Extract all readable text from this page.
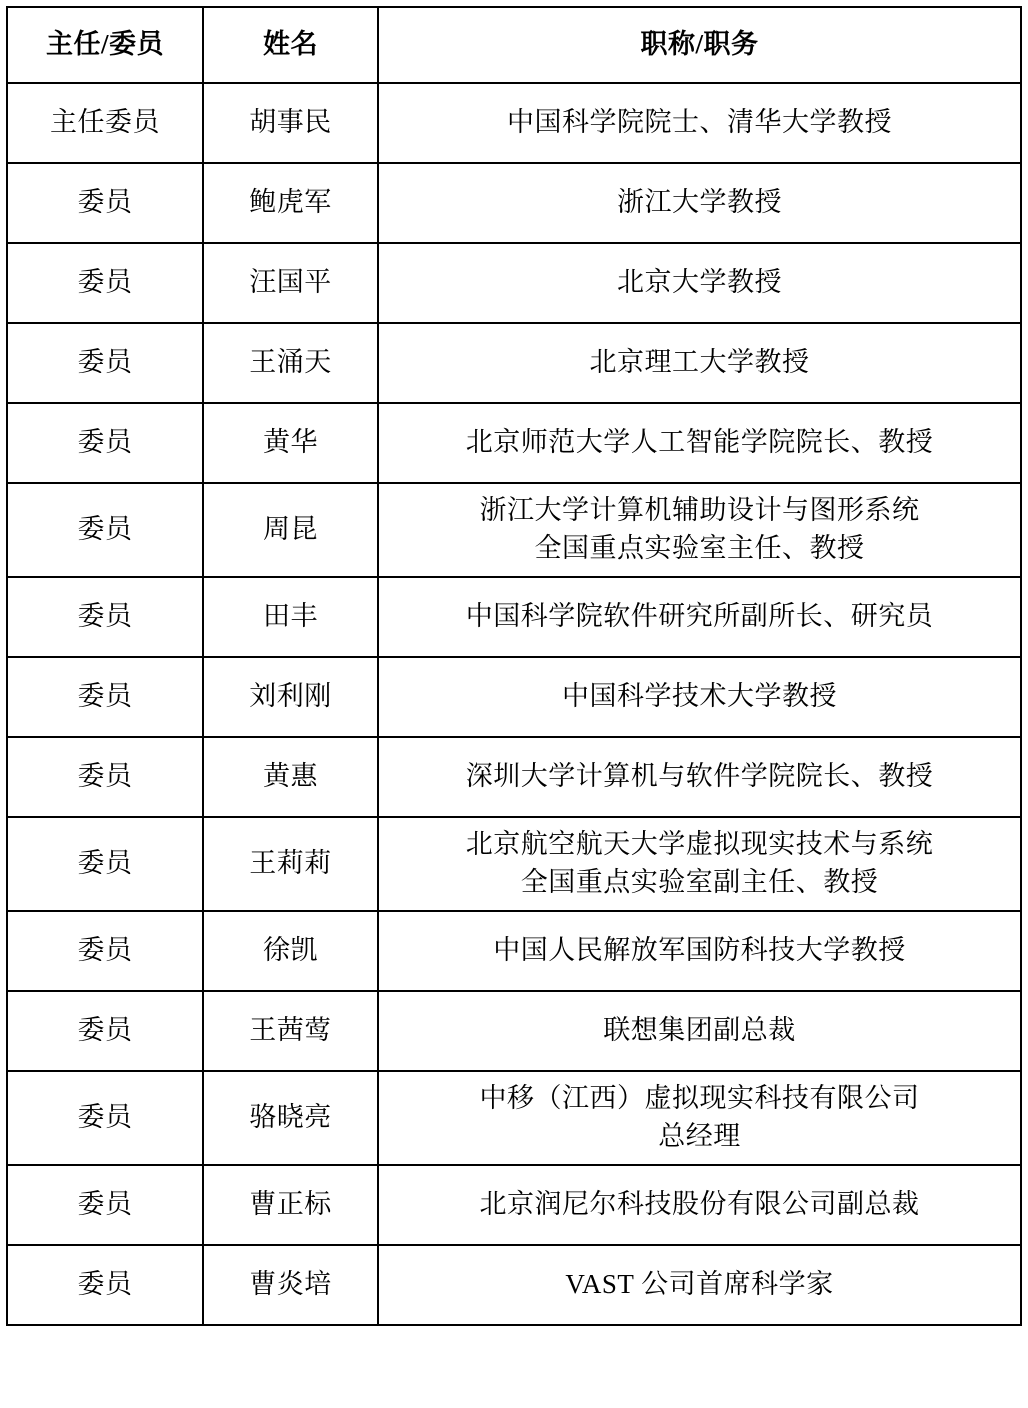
主任/委员	姓名	职称/职务
主任委员	胡事民	中国科学院院士、清华大学教授

委员	鲍虎军	浙江大学教授

委员	汪国平	北京大学教授

委员	王涌天	北京理工大学教授

委员	黄华	北京师范大学人工智能学院院长、教授

委员	周昆	浙江大学计算机辅助设计与图形系统
全国重点实验室主任、教授

委员	田丰	中国科学院软件研究所副所长、研究员

委员	刘利刚	中国科学技术大学教授

委员	黄惠	深圳大学计算机与软件学院院长、教授

委员	王莉莉	北京航空航天大学虚拟现实技术与系统
全国重点实验室副主任、教授

委员	徐凯	中国人民解放军国防科技大学教授

委员	王茜莺	联想集团副总裁

委员	骆晓亮	中移（江西）虚拟现实科技有限公司
总经理

委员	曹正标	北京润尼尔科技股份有限公司副总裁

委员	曹炎培	VAST 公司首席科学家
